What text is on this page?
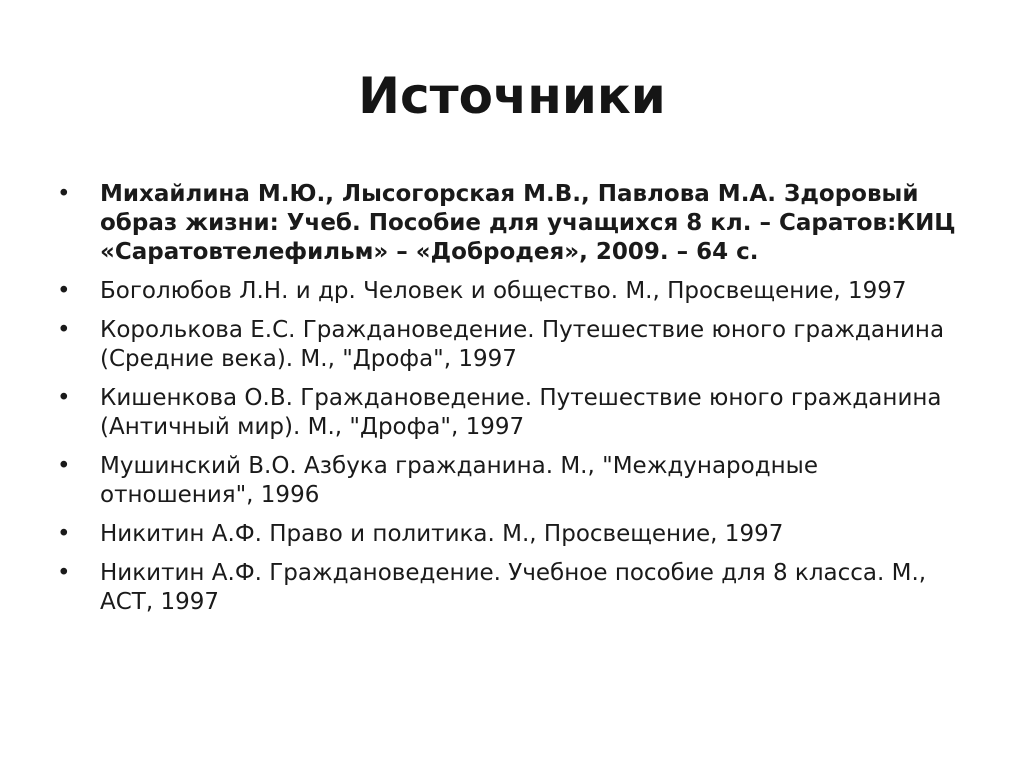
Источники
• Михайлина М.Ю., Лысогорская М.В., Павлова М.А. Здоровый образ жизни: Учеб. Пособие для учащихся 8 кл. – Саратов:КИЦ «Саратовтелефильм» – «Добродея», 2009. – 64 с.
• Боголюбов Л.Н. и др. Человек и общество. М., Просвещение, 1997
• Королькова Е.С. Граждановедение. Путешествие юного гражданина (Средние века). М., "Дрофа", 1997
• Кишенкова О.В. Граждановедение. Путешествие юного гражданина (Античный мир). М., "Дрофа", 1997
• Мушинский В.О. Азбука гражданина. М., "Международные отношения", 1996
• Никитин А.Ф. Право и политика. М., Просвещение, 1997
• Никитин А.Ф. Граждановедение. Учебное пособие для 8 класса. М., АСТ, 1997
